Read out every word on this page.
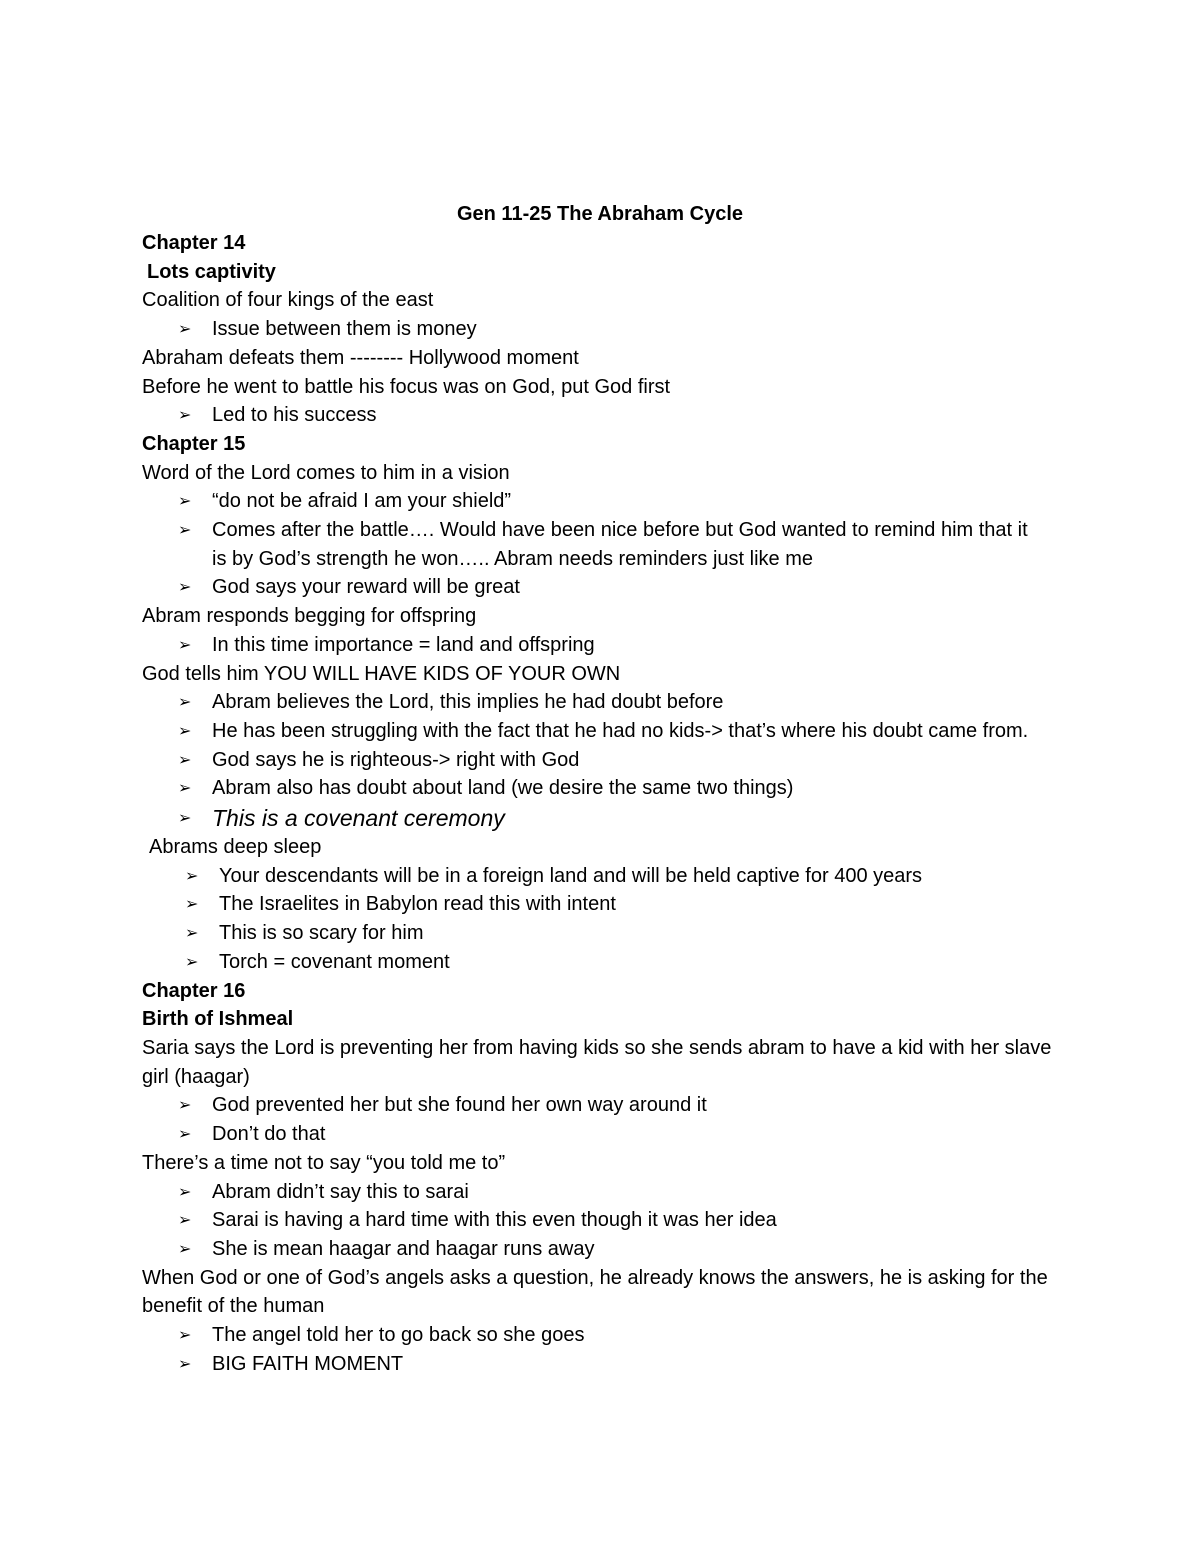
Gen 11-25 The Abraham Cycle
Chapter 14
Lots captivity
Coalition of four kings of the east
➢	Issue between them is money
Abraham defeats them -------- Hollywood moment
Before he went to battle his focus was on God, put God first
➢	Led to his success
Chapter 15
Word of the Lord comes to him in a vision
➢	“do not be afraid I am your shield”
➢	Comes after the battle…. Would have been nice before but God wanted to remind him that it is by God’s strength he won….. Abram needs reminders just like me
➢	God says your reward will be great
Abram responds begging for offspring
➢	In this time importance = land and offspring
God tells him YOU WILL HAVE KIDS OF YOUR OWN
➢	Abram believes the Lord, this implies he had doubt before
➢	He has been struggling with the fact that he had no kids-> that’s where his doubt came from.
➢	God says he is righteous-> right with God
➢	Abram also has doubt about land (we desire the same two things)
➢ This is a covenant ceremony
Abrams deep sleep
➢	Your descendants will be in a foreign land and will be held captive for 400 years
➢	The Israelites in Babylon read this with intent
➢	This is so scary for him
➢	Torch = covenant moment
Chapter 16
Birth of Ishmeal
Saria says the Lord is preventing her from having kids so she sends abram to have a kid with her slave girl (haagar)
➢	God prevented her but she found her own way around it
➢	Don’t do that
There’s a time not to say “you told me to”
➢	Abram didn’t say this to sarai
➢	Sarai is having a hard time with this even though it was her idea
➢	She is mean haagar and haagar runs away
When God or one of God’s angels asks a question, he already knows the answers, he is asking for the benefit of the human
➢	The angel told her to go back so she goes
➢	BIG FAITH MOMENT
